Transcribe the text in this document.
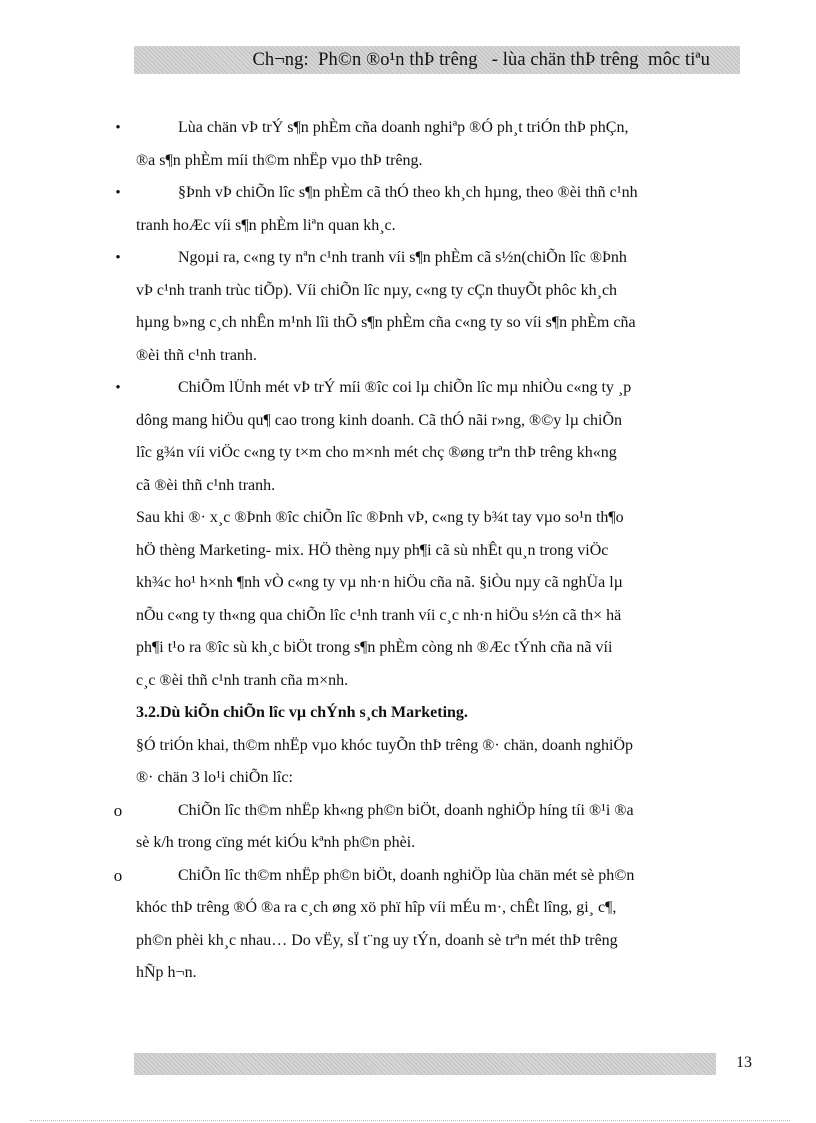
Ch¬ng:  Ph©n ®o¹n thÞ trêng   - lùa chän thÞ trêng  môc tiªu
•	Lùa chän vÞ trÝ s¶n phÈm cña doanh nghiªp ®Ó ph¸t triÓn thÞ phÇn,
®a s¶n phÈm míi th©m nhËp vµo thÞ trêng.
•	§Þnh vÞ chiÕn lîc s¶n phÈm cã thÓ theo kh¸ch hµng, theo ®èi thñ c¹nh
tranh hoÆc víi s¶n phÈm liªn quan kh¸c.
•	Ngoµi ra, c«ng ty nªn c¹nh tranh víi s¶n phÈm cã s½n(chiÕn lîc ®Þnh
vÞ c¹nh tranh trùc tiÕp). Víi chiÕn lîc nµy, c«ng ty cÇn thuyÕt phôc kh¸ch
hµng b»ng c¸ch nhÊn m¹nh lîi thÕ s¶n phÈm cña c«ng ty so víi s¶n phÈm cña
®èi thñ c¹nh tranh.
•	ChiÕm lÜnh mét vÞ trÝ míi ®îc coi lµ chiÕn lîc mµ nhiÒu c«ng ty ¸p
dông mang hiÖu qu¶ cao trong kinh doanh. Cã thÓ nãi r»ng, ®©y lµ chiÕn
lîc g¾n víi viÖc c«ng ty t×m cho m×nh mét chç ®øng trªn thÞ trêng kh«ng
cã ®èi thñ c¹nh tranh.
Sau khi ®· x¸c ®Þnh ®îc chiÕn lîc ®Þnh vÞ, c«ng ty b¾t tay vµo so¹n th¶o
hÖ thèng Marketing- mix. HÖ thèng nµy ph¶i cã sù nhÊt qu¸n trong viÖc
kh¾c ho¹ h×nh ¶nh vÒ c«ng ty vµ nh·n hiÖu cña nã. §iÒu nµy cã nghÜa lµ
nÕu c«ng ty th«ng qua chiÕn lîc c¹nh tranh víi c¸c nh·n hiÖu s½n cã th× hä
ph¶i t¹o ra ®îc sù kh¸c biÖt trong s¶n phÈm còng nh ®Æc tÝnh cña nã víi
c¸c ®èi thñ c¹nh tranh cña m×nh.
3.2.Dù kiÕn chiÕn lîc vµ chÝnh s¸ch Marketing.
§Ó triÓn khai, th©m nhËp vµo khóc tuyÕn thÞ trêng ®· chän, doanh nghiÖp
®· chän 3 lo¹i chiÕn lîc:
o	ChiÕn lîc th©m nhËp kh«ng ph©n biÖt, doanh nghiÖp híng tíi ®¹i ®a
sè k/h trong cïng mét kiÓu kªnh ph©n phèi.
o	ChiÕn lîc th©m nhËp ph©n biÖt, doanh nghiÖp lùa chän mét sè ph©n
khóc thÞ trêng ®Ó ®a ra c¸ch øng xö phï hîp víi mÉu m·, chÊt lîng, gi¸ c¶,
ph©n phèi kh¸c nhau… Do vËy, sÏ t¨ng uy tÝn, doanh sè trªn mét thÞ trêng
hÑp h¬n.
13
